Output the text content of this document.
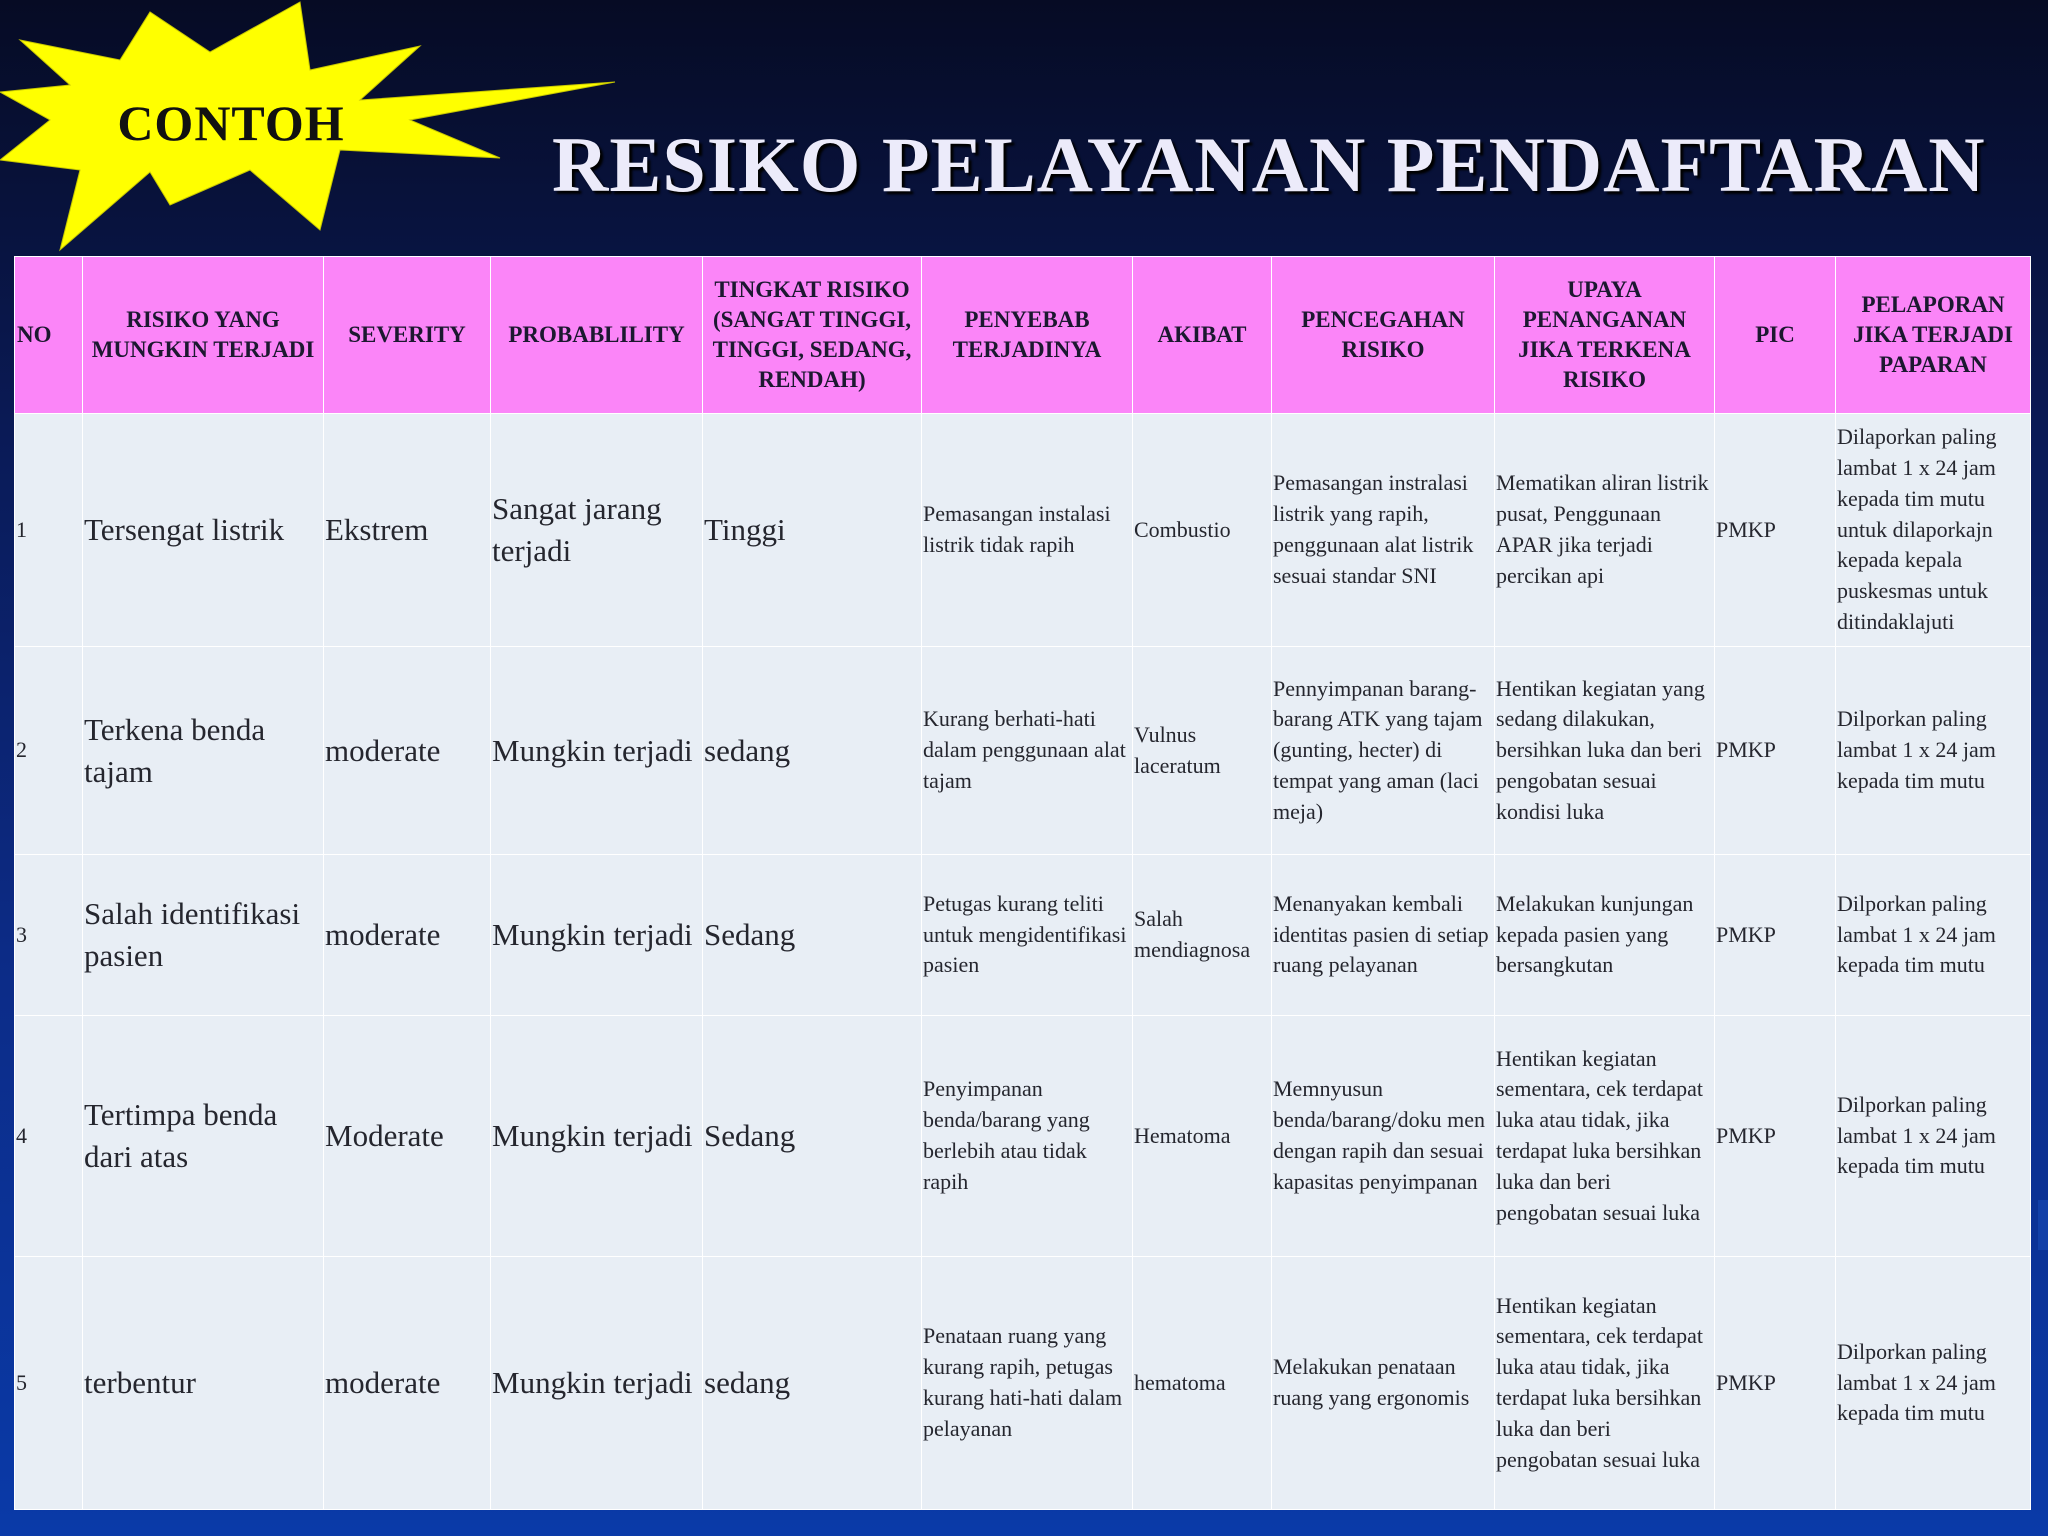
CONTOH	RESIKO PELAYANAN PENDAFTARAN
NO	RISIKO YANG MUNGKIN TERJADI	SEVERITY	PROBABLILITY	TINGKAT RISIKO (SANGAT TINGGI, TINGGI, SEDANG, RENDAH)	PENYEBAB TERJADINYA	AKIBAT	PENCEGAHAN RISIKO	UPAYA PENANGANAN JIKA TERKENA RISIKO	PIC	PELAPORAN JIKA TERJADI PAPARAN
1	Tersengat listrik	Ekstrem	Sangat jarang terjadi	Tinggi	Pemasangan instalasi listrik tidak rapih	Combustio	Pemasangan instralasi listrik yang rapih, penggunaan alat listrik sesuai standar SNI	Mematikan aliran listrik pusat, Penggunaan APAR jika terjadi percikan api	PMKP	Dilaporkan paling lambat 1 x 24 jam kepada tim mutu untuk dilaporkajn kepada kepala puskesmas untuk ditindaklajuti
2	Terkena benda tajam	moderate	Mungkin terjadi	sedang	Kurang berhati-hati dalam penggunaan alat tajam	Vulnus laceratum	Pennyimpanan barang-barang ATK yang tajam (gunting, hecter) di tempat yang aman (laci meja)	Hentikan kegiatan yang sedang dilakukan, bersihkan luka dan beri pengobatan sesuai kondisi luka	PMKP	Dilporkan paling lambat 1 x 24 jam kepada tim mutu
3	Salah identifikasi pasien	moderate	Mungkin terjadi	Sedang	Petugas kurang teliti untuk mengidentifikasi pasien	Salah mendiagnosa	Menanyakan kembali identitas pasien di setiap ruang pelayanan	Melakukan kunjungan kepada pasien yang bersangkutan	PMKP	Dilporkan paling lambat 1 x 24 jam kepada tim mutu
4	Tertimpa benda dari atas	Moderate	Mungkin terjadi	Sedang	Penyimpanan benda/barang yang berlebih atau tidak rapih	Hematoma	Memnyusun benda/barang/doku men dengan rapih dan sesuai kapasitas penyimpanan	Hentikan kegiatan sementara, cek terdapat luka atau tidak, jika terdapat luka bersihkan luka dan beri pengobatan sesuai luka	PMKP	Dilporkan paling lambat 1 x 24 jam kepada tim mutu
5	terbentur	moderate	Mungkin terjadi	sedang	Penataan ruang yang kurang rapih, petugas kurang hati-hati dalam pelayanan	hematoma	Melakukan penataan ruang yang ergonomis	Hentikan kegiatan sementara, cek terdapat luka atau tidak, jika terdapat luka bersihkan luka dan beri pengobatan sesuai luka	PMKP	Dilporkan paling lambat 1 x 24 jam kepada tim mutu
